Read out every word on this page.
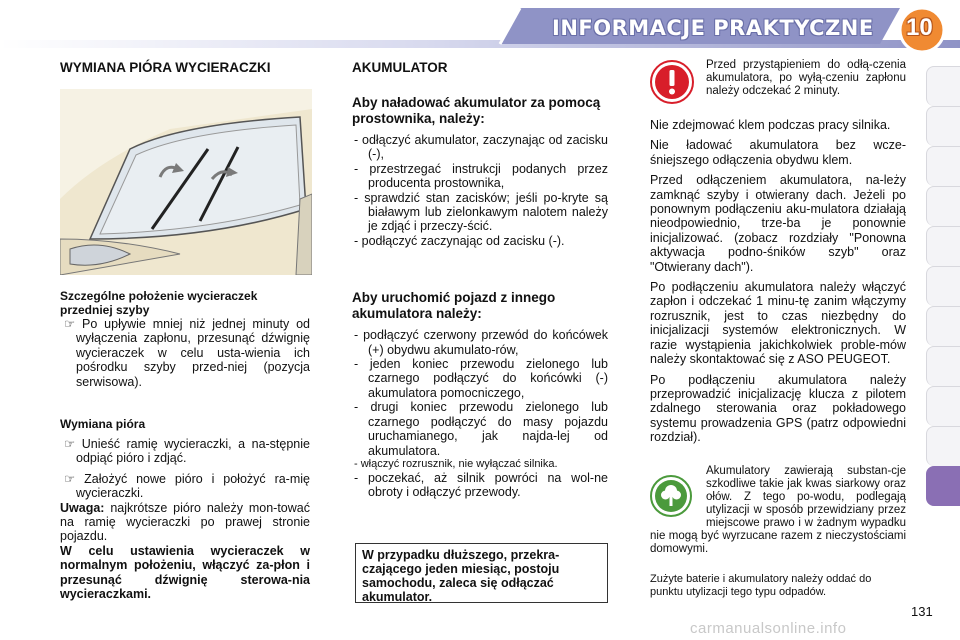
INFORMACJE PRAKTYCZNE 10
WYMIANA PIÓRA WYCIERACZKI
Szczególne położenie wycieraczek przedniej szyby

☞ Po upływie mniej niż jednej minuty od wyłączenia zapłonu, przesunąć dźwignię wycieraczek w celu usta-wienia ich pośrodku szyby przed-niej (pozycja serwisowa).

Wymiana pióra

☞ Unieść ramię wycieraczki, a na-stępnie odpiąć pióro i zdjąć.

☞ Założyć nowe pióro i położyć ra-mię wycieraczki.

Uwaga: najkrótsze pióro należy mon-tować na ramię wycieraczki po prawej stronie pojazdu.

W celu ustawienia wycieraczek w normalnym położeniu, włączyć za-płon i przesunąć dźwignię sterowa-nia wycieraczkami.

AKUMULATOR
Aby naładować akumulator za pomocą prostownika, należy:

- odłączyć akumulator, zaczynając od zacisku (-),

- przestrzegać instrukcji podanych przez producenta prostownika,

- sprawdzić stan zacisków; jeśli po-kryte są białawym lub zielonkawym nalotem należy je zdjąć i przeczy-ścić.

- podłączyć zaczynając od zacisku (-).

Aby uruchomić pojazd z innego akumulatora należy:

- podłączyć czerwony przewód do końcówek (+) obydwu akumulato-rów,

- jeden koniec przewodu zielonego lub czarnego podłączyć do końcówki (-) akumulatora pomocniczego,

- drugi koniec przewodu zielonego lub czarnego podłączyć do masy pojazdu uruchamianego, jak najda-lej od akumulatora.

- włączyć rozrusznik, nie wyłączać silnika.

- poczekać, aż silnik powróci na wol-ne obroty i odłączyć przewody.

W przypadku dłuższego, przekra-czającego jeden miesiąc, postoju samochodu, zaleca się odłączać akumulator.

Przed przystąpieniem do odłą-czenia akumulatora, po wyłą-czeniu zapłonu należy odczekać 2 minuty.

Nie zdejmować klem podczas pracy silnika.

Nie ładować akumulatora bez wcze-śniejszego odłączenia obydwu klem.

Przed odłączeniem akumulatora, na-leży zamknąć szyby i otwierany dach. Jeżeli po ponownym podłączeniu aku-mulatora działają nieodpowiednio, trze-ba je ponownie inicjalizować. (zobacz rozdziały "Ponowna aktywacja podno-śników szyb" oraz "Otwierany dach").

Po podłączeniu akumulatora należy włączyć zapłon i odczekać 1 minu-tę zanim włączymy rozrusznik, jest to czas niezbędny do inicjalizacji systemów elektronicznych. W razie wystąpienia jakichkolwiek proble-mów należy skontaktować się z ASO PEUGEOT.

Po podłączeniu akumulatora należy przeprowadzić inicjalizację klucza z pilotem zdalnego sterowania oraz pokładowego systemu prowadzenia GPS (patrz odpowiedni rozdział).

Akumulatory zawierają substan-cje szkodliwe takie jak kwas siarkowy oraz ołów. Z tego po-wodu, podlegają utylizacji w sposób przewidziany przez miejscowe prawo i w żadnym wypadku nie mogą być wyrzucane razem z nieczystościami domowymi.

Zużyte baterie i akumulatory należy oddać do punktu utylizacji tego typu odpadów.

131
carmanualsonline.info
